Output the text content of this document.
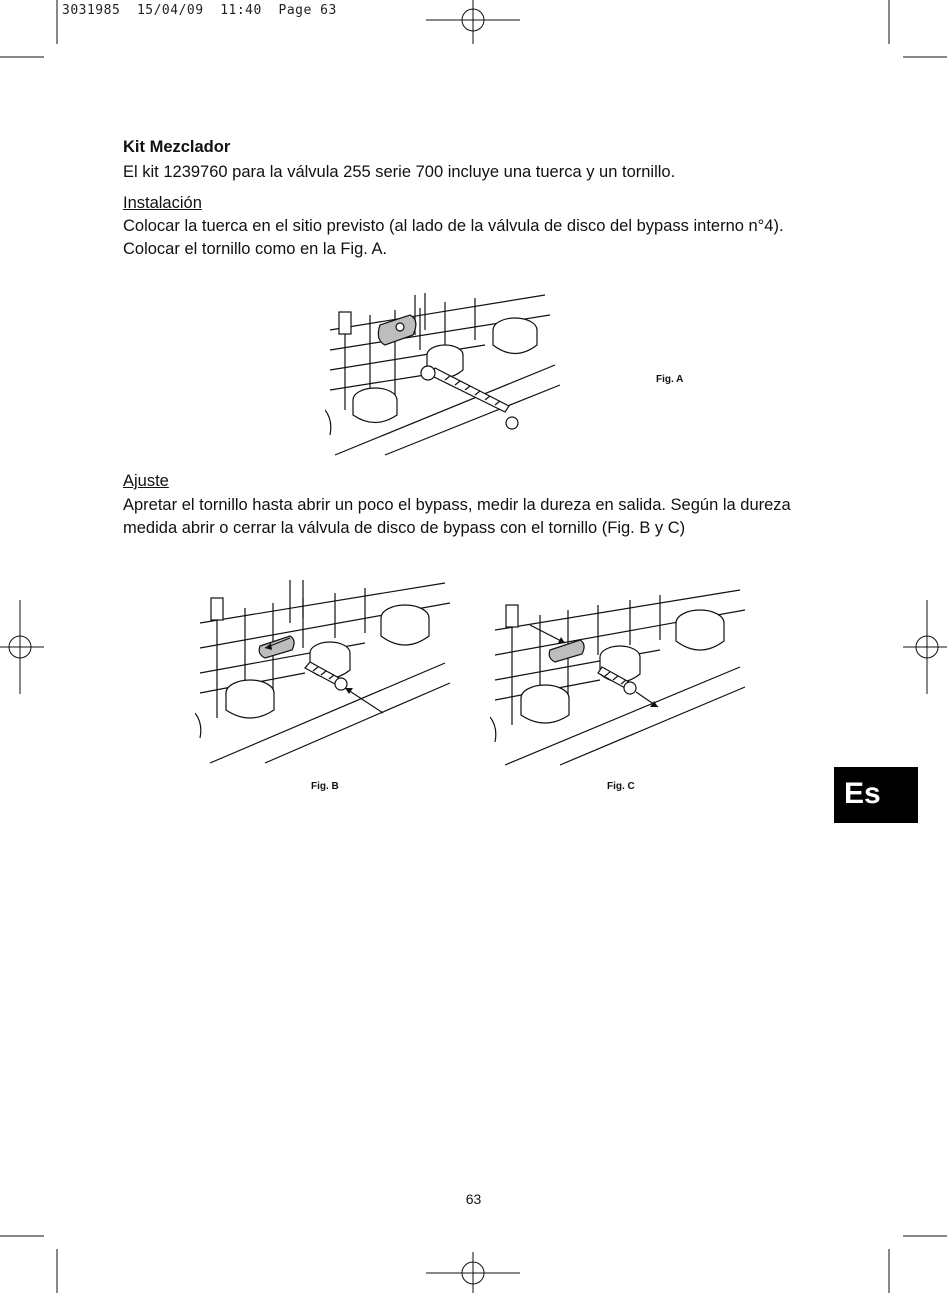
3031985  15/04/09  11:40  Page 63
Kit Mezclador
El kit 1239760 para la válvula 255 serie 700 incluye una tuerca y un tornillo.
Instalación
Colocar la tuerca en el sitio previsto (al lado de la válvula de disco del bypass interno n°4).
Colocar el tornillo como en la Fig. A.
Fig. A
Ajuste
Apretar el tornillo hasta abrir un poco el bypass, medir la dureza en salida. Según la dureza
medida abrir o cerrar la válvula de disco de bypass con el tornillo (Fig. B y C)
Fig. B	Fig. C	Es
63
